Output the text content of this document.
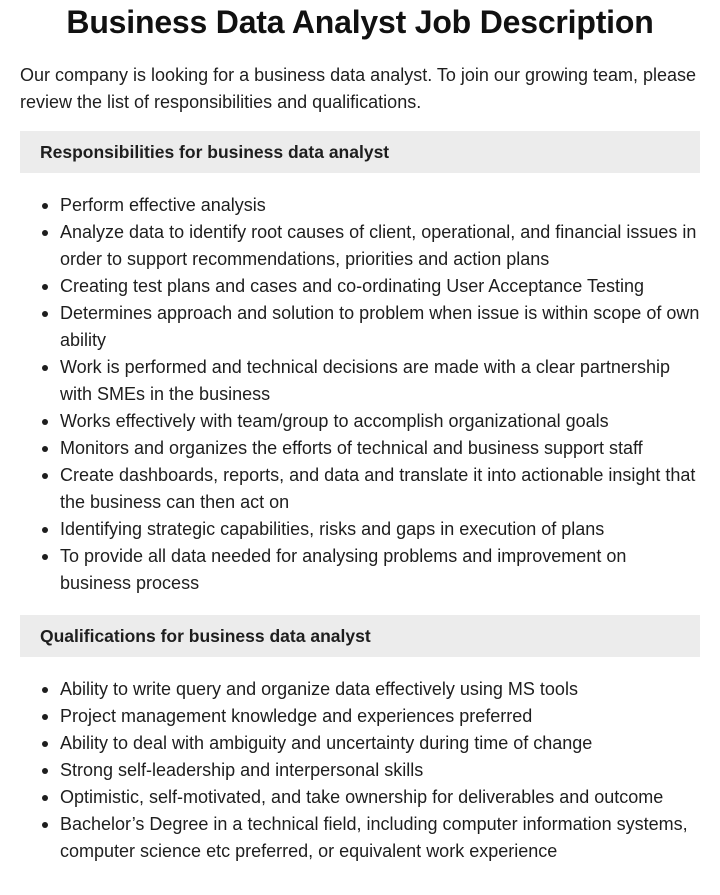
Business Data Analyst Job Description

Our company is looking for a business data analyst. To join our growing team, please review the list of responsibilities and qualifications.

Responsibilities for business data analyst
Perform effective analysis
Analyze data to identify root causes of client, operational, and financial issues in order to support recommendations, priorities and action plans
Creating test plans and cases and co-ordinating User Acceptance Testing
Determines approach and solution to problem when issue is within scope of own ability
Work is performed and technical decisions are made with a clear partnership with SMEs in the business
Works effectively with team/group to accomplish organizational goals
Monitors and organizes the efforts of technical and business support staff
Create dashboards, reports, and data and translate it into actionable insight that the business can then act on
Identifying strategic capabilities, risks and gaps in execution of plans
To provide all data needed for analysing problems and improvement on business process
Qualifications for business data analyst
Ability to write query and organize data effectively using MS tools
Project management knowledge and experiences preferred
Ability to deal with ambiguity and uncertainty during time of change
Strong self-leadership and interpersonal skills
Optimistic, self-motivated, and take ownership for deliverables and outcome
Bachelor’s Degree in a technical field, including computer information systems, computer science etc preferred, or equivalent work experience
